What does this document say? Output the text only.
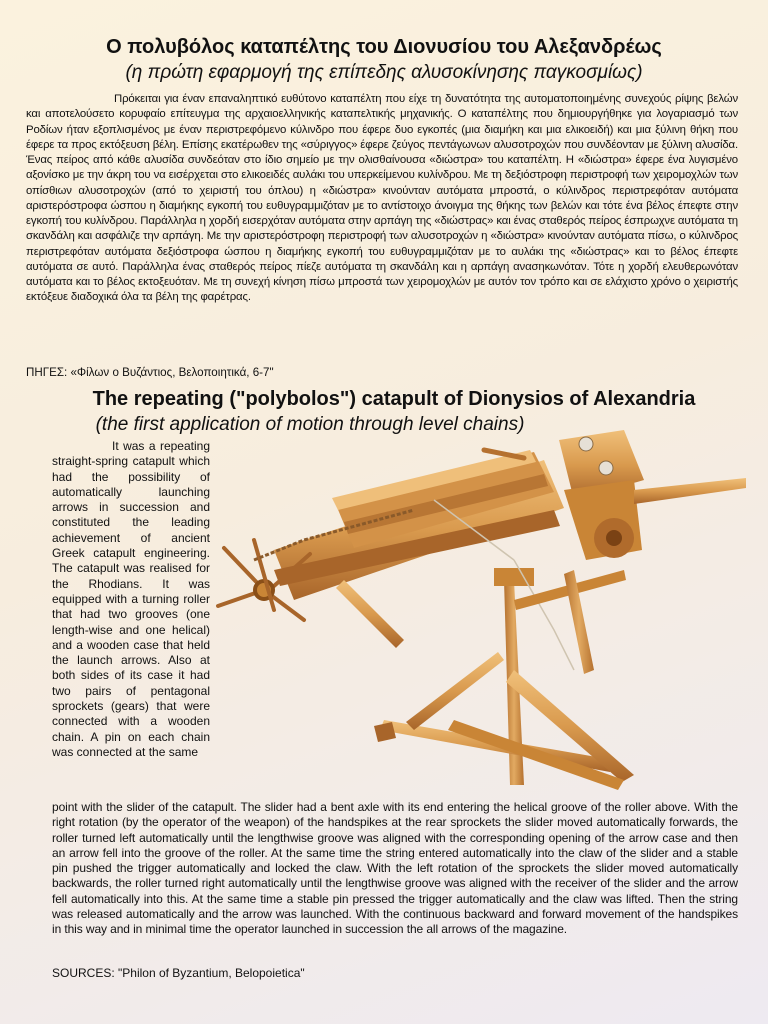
Ο πολυβόλος καταπέλτης του Διονυσίου του Αλεξανδρέως
(η πρώτη εφαρμογή της επίπεδης αλυσοκίνησης παγκοσμίως)

Πρόκειται για έναν επαναληπτικό ευθύτονο καταπέλτη που είχε τη δυνατότητα της αυτοματοποιημένης συνεχούς ρίψης βελών και αποτελούσετο κορυφαίο επίτευγμα της αρχαιοελληνικής καταπελτικής μηχανικής. Ο καταπέλτης που δημιουργήθηκε για λογαριασμό των Ροδίων ήταν εξοπλισμένος με έναν περιστρεφόμενο κύλινδρο που έφερε δυο εγκοπές (μια διαμήκη και μια ελικοειδή) και μια ξύλινη θήκη που έφερε τα προς εκτόξευση βέλη. Επίσης εκατέρωθεν της «σύριγγος» έφερε ζεύγος πεντάγωνων αλυσοτροχών που συνδέονταν με ξύλινη αλυσίδα. Ένας πείρος από κάθε αλυσίδα συνδεόταν στο ίδιο σημείο με την ολισθαίνουσα «διώστρα» του καταπέλτη. Η «διώστρα» έφερε ένα λυγισμένο αξονίσκο με την άκρη του να εισέρχεται στο ελικοειδές αυλάκι του υπερκείμενου κυλίνδρου. Με τη δεξιόστροφη περιστροφή των χειρομοχλών των οπίσθιων αλυσοτροχών (από το χειριστή του όπλου) η «διώστρα» κινούνταν αυτόματα μπροστά, ο κύλινδρος περιστρεφόταν αυτόματα αριστερόστροφα ώσπου η διαμήκης εγκοπή του ευθυγραμμιζόταν με το αντίστοιχο άνοιγμα της θήκης των βελών και τότε ένα βέλος έπεφτε στην εγκοπή του κυλίνδρου. Παράλληλα η χορδή εισερχόταν αυτόματα στην αρπάγη της «διώστρας» και ένας σταθερός πείρος έσπρωχνε αυτόματα τη σκανδάλη και ασφάλιζε την αρπάγη. Με την αριστερόστροφη περιστροφή των αλυσοτροχών η «διώστρα» κινούνταν αυτόματα πίσω, ο κύλινδρος περιστρεφόταν αυτόματα δεξιόστροφα ώσπου η διαμήκης εγκοπή του ευθυγραμμιζόταν με το αυλάκι της «διώστρας» και το βέλος έπεφτε αυτόματα σε αυτό. Παράλληλα ένας σταθερός πείρος πίεζε αυτόματα τη σκανδάλη και η αρπάγη ανασηκωνόταν. Τότε η χορδή ελευθερωνόταν αυτόματα και το βέλος εκτοξευόταν. Με τη συνεχή κίνηση πίσω μπροστά των χειρομοχλών με αυτόν τον τρόπο και σε ελάχιστο χρόνο ο χειριστής εκτόξευε διαδοχικά όλα τα βέλη της φαρέτρας.

ΠΗΓΕΣ: «Φίλων ο Βυζάντιος, Βελοποιητικά, 6-7"
The repeating ("polybolos") catapult of Dionysios of Alexandria
(the first application of motion through level chains)

It was a repeating straight-spring catapult which had the possibility of automatically launching arrows in succession and constituted the leading achievement of ancient Greek catapult engineering. The catapult was realised for the Rhodians. It was equipped with a turning roller that had two grooves (one length-wise and one helical) and a wooden case that held the launch arrows. Also at both sides of its case it had two pairs of pentagonal sprockets (gears) that were connected with a wooden chain. A pin on each chain was connected at the same

point with the slider of the catapult. The slider had a bent axle with its end entering the helical groove of the roller above. With the right rotation (by the operator of the weapon) of the handspikes at the rear sprockets the slider moved automatically forwards, the roller turned left automatically until the lengthwise groove was aligned with the corresponding opening of the arrow case and then an arrow fell into the groove of the roller. At the same time the string entered automatically into the claw of the slider and a stable pin pushed the trigger automatically and locked the claw. With the left rotation of the sprockets the slider moved automatically backwards, the roller turned right automatically until the lengthwise groove was aligned with the receiver of the slider and the arrow fell automatically into this. At the same time a stable pin pressed the trigger automatically and the claw was lifted. Then the string was released automatically and the arrow was launched. With the continuous backward and forward movement of the handspikes in this way and in minimal time the operator launched in succession the all arrows of the magazine.
SOURCES: "Philon of Byzantium, Belopoietica"
